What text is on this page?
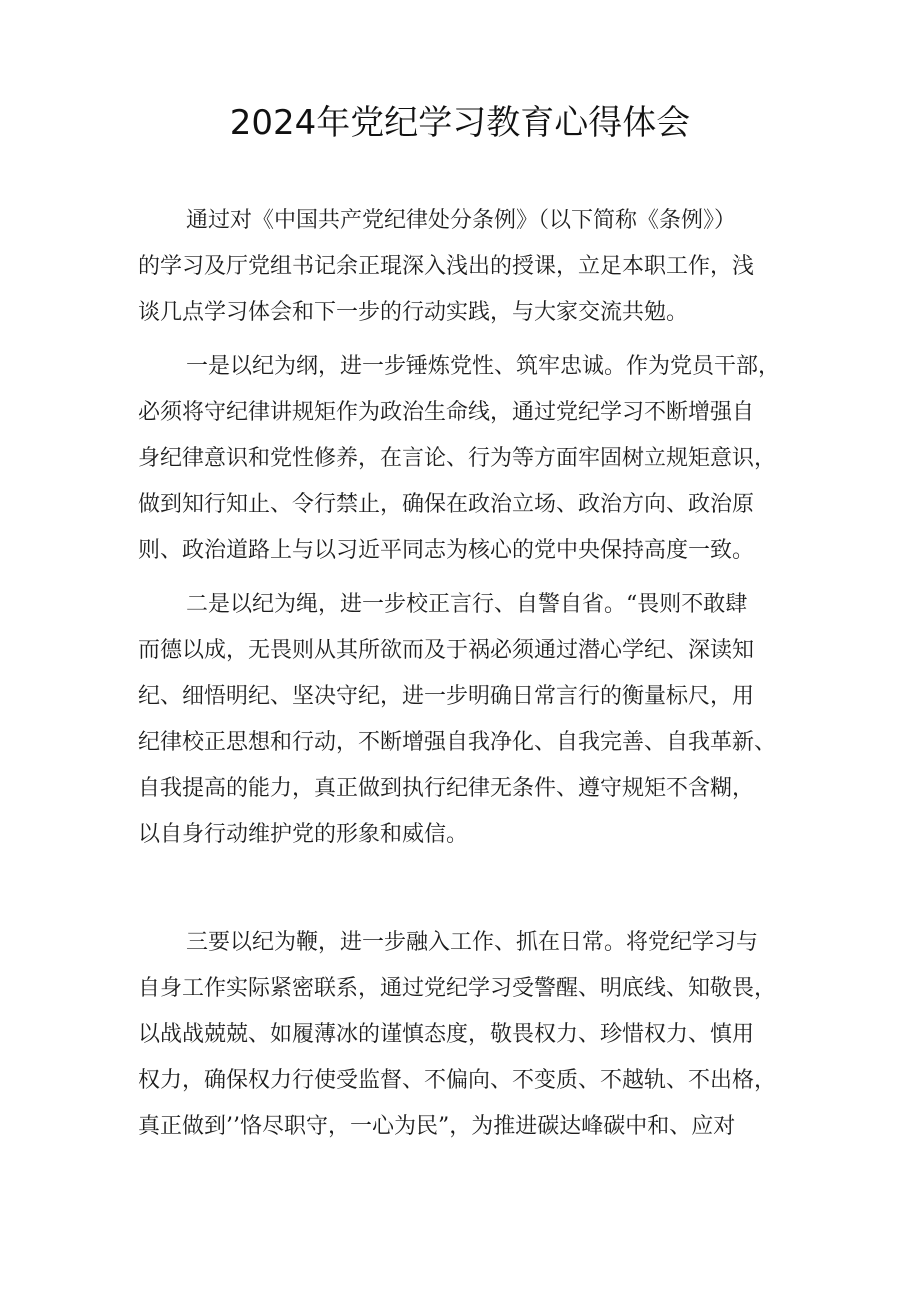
2024年党纪学习教育心得体会
通过对《中国共产党纪律处分条例》（以下简称《条例》）
的学习及厅党组书记余正琨深入浅出的授课，立足本职工作，浅
谈几点学习体会和下一步的行动实践，与大家交流共勉。
一是以纪为纲，进一步锤炼党性、筑牢忠诚。作为党员干部，
必须将守纪律讲规矩作为政治生命线，通过党纪学习不断增强自
身纪律意识和党性修养，在言论、行为等方面牢固树立规矩意识，
做到知行知止、令行禁止，确保在政治立场、政治方向、政治原
则、政治道路上与以习近平同志为核心的党中央保持高度一致。
二是以纪为绳，进一步校正言行、自警自省。“畏则不敢肆
而德以成，无畏则从其所欲而及于祸必须通过潜心学纪、深读知
纪、细悟明纪、坚决守纪，进一步明确日常言行的衡量标尺，用
纪律校正思想和行动，不断增强自我净化、自我完善、自我革新、
自我提高的能力，真正做到执行纪律无条件、遵守规矩不含糊，
以自身行动维护党的形象和威信。
三要以纪为鞭，进一步融入工作、抓在日常。将党纪学习与
自身工作实际紧密联系，通过党纪学习受警醒、明底线、知敬畏，
以战战兢兢、如履薄冰的谨慎态度，敬畏权力、珍惜权力、慎用
权力，确保权力行使受监督、不偏向、不变质、不越轨、不出格，
真正做到’’恪尽职守，一心为民”，为推进碳达峰碳中和、应对
